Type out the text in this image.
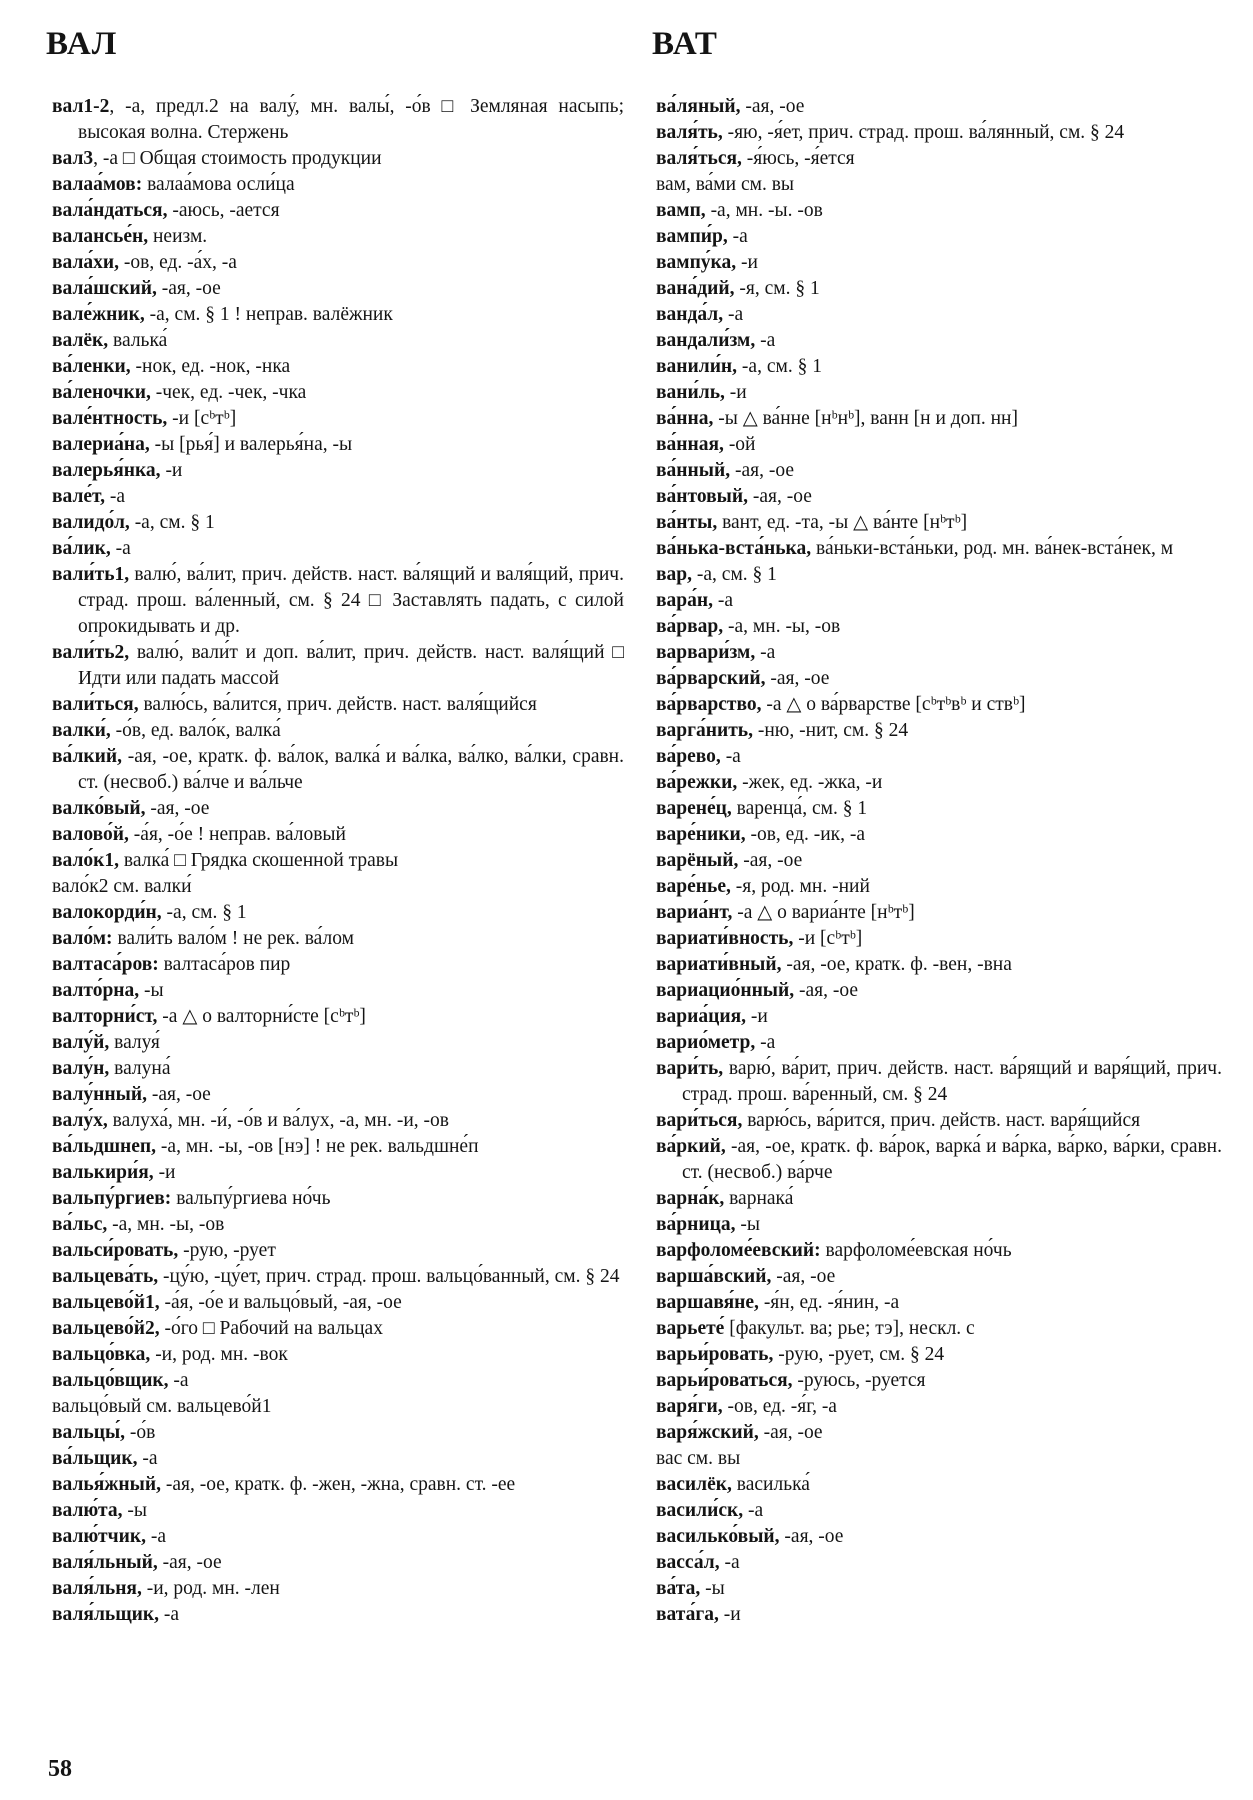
ВАЛ	ВАТ

вал1-2, -а, предл.2 на валу́, мн. валы́, -о́в □ Земляная насыпь; высокая волна. Стержень

вал3, -а □ Общая стоимость продукции

валаа́мов: валаа́мова осли́ца

вала́ндаться, -аюсь, -ается

валансье́н, неизм.

вала́хи, -ов, ед. -а́х, -а

вала́шский, -ая, -ое

вале́жник, -а, см. § 1 ! неправ. валёжник

валёк, валька́

ва́ленки, -нок, ед. -нок, -нка

ва́леночки, -чек, ед. -чек, -чка

вале́нтность, -и [сᵇтᵇ]

валериа́на, -ы [рья́] и валерья́на, -ы

валерья́нка, -и

вале́т, -а

валидо́л, -а, см. § 1

ва́лик, -а

вали́ть1, валю́, ва́лит, прич. действ. наст. ва́лящий и валя́щий, прич. страд. прош. ва́ленный, см. § 24 □ Заставлять падать, с силой опрокидывать и др.

вали́ть2, валю́, вали́т и доп. ва́лит, прич. действ. наст. валя́щий □ Идти или падать массой

вали́ться, валю́сь, ва́лится, прич. действ. наст. валя́щийся

валки́, -о́в, ед. вало́к, валка́

ва́лкий, -ая, -ое, кратк. ф. ва́лок, валка́ и ва́лка, ва́лко, ва́лки, сравн. ст. (несвоб.) ва́лче и ва́льче

валко́вый, -ая, -ое

валово́й, -а́я, -о́е ! неправ. ва́ловый

вало́к1, валка́ □ Грядка скошенной травы

вало́к2 см. валки́

валокорди́н, -а, см. § 1

вало́м: вали́ть вало́м ! не рек. ва́лом

валтаса́ров: валтаса́ров пир

валто́рна, -ы

валторни́ст, -а △ о валторни́сте [сᵇтᵇ]

валу́й, валуя́

валу́н, валуна́

валу́нный, -ая, -ое

валу́х, валуха́, мн. -и́, -о́в и ва́лух, -а, мн. -и, -ов

ва́льдшнеп, -а, мн. -ы, -ов [нэ] ! не рек. вальдшне́п

валькири́я, -и

вальпу́ргиев: вальпу́ргиева но́чь

ва́льс, -а, мн. -ы, -ов

вальси́ровать, -рую, -рует

вальцева́ть, -цу́ю, -цу́ет, прич. страд. прош. вальцо́ванный, см. § 24

вальцево́й1, -а́я, -о́е и вальцо́вый, -ая, -ое

вальцево́й2, -о́го □ Рабочий на вальцах

вальцо́вка, -и, род. мн. -вок

вальцо́вщик, -а

вальцо́вый см. вальцево́й1

вальцы́, -о́в

ва́льщик, -а

валья́жный, -ая, -ое, кратк. ф. -жен, -жна, сравн. ст. -ее

валю́та, -ы

валю́тчик, -а

валя́льный, -ая, -ое

валя́льня, -и, род. мн. -лен

валя́льщик, -а

ва́ляный, -ая, -ое

валя́ть, -яю, -я́ет, прич. страд. прош. ва́лянный, см. § 24

валя́ться, -я́юсь, -я́ется

вам, ва́ми см. вы

вамп, -а, мн. -ы. -ов

вампи́р, -а

вампу́ка, -и

вана́дий, -я, см. § 1

ванда́л, -а

вандали́зм, -а

ванили́н, -а, см. § 1

вани́ль, -и

ва́нна, -ы △ ва́нне [нᵇнᵇ], ванн [н и доп. нн]

ва́нная, -ой

ва́нный, -ая, -ое

ва́нтовый, -ая, -ое

ва́нты, вант, ед. -та, -ы △ ва́нте [нᵇтᵇ]

ва́нька-вста́нька, ва́ньки-вста́ньки, род. мн. ва́нек-вста́нек, м

вар, -а, см. § 1

вара́н, -а

ва́рвар, -а, мн. -ы, -ов

варвари́зм, -а

ва́рварский, -ая, -ое

ва́рварство, -а △ о ва́рварстве [сᵇтᵇвᵇ и ствᵇ]

варга́нить, -ню, -нит, см. § 24

ва́рево, -а

ва́режки, -жек, ед. -жка, -и

варене́ц, варенца́, см. § 1

варе́ники, -ов, ед. -ик, -а

варёный, -ая, -ое

варе́нье, -я, род. мн. -ний

вариа́нт, -а △ о вариа́нте [нᵇтᵇ]

вариати́вность, -и [сᵇтᵇ]

вариати́вный, -ая, -ое, кратк. ф. -вен, -вна

вариацио́нный, -ая, -ое

вариа́ция, -и

варио́метр, -а

вари́ть, варю́, ва́рит, прич. действ. наст. ва́рящий и варя́щий, прич. страд. прош. ва́ренный, см. § 24

вари́ться, варю́сь, ва́рится, прич. действ. наст. варя́щийся

ва́ркий, -ая, -ое, кратк. ф. ва́рок, варка́ и ва́рка, ва́рко, ва́рки, сравн. ст. (несвоб.) ва́рче

варна́к, варнака́

ва́рница, -ы

варфоломе́евский: варфоломе́евская но́чь

варша́вский, -ая, -ое

варшавя́не, -я́н, ед. -я́нин, -а

варьете́ [факульт. ва; рье; тэ], нескл. с

варьи́ровать, -рую, -рует, см. § 24

варьи́роваться, -руюсь, -руется

варя́ги, -ов, ед. -я́г, -а

варя́жский, -ая, -ое

вас см. вы

василёк, василька́

васили́ск, -а

василько́вый, -ая, -ое

васса́л, -а

ва́та, -ы

вата́га, -и

58
